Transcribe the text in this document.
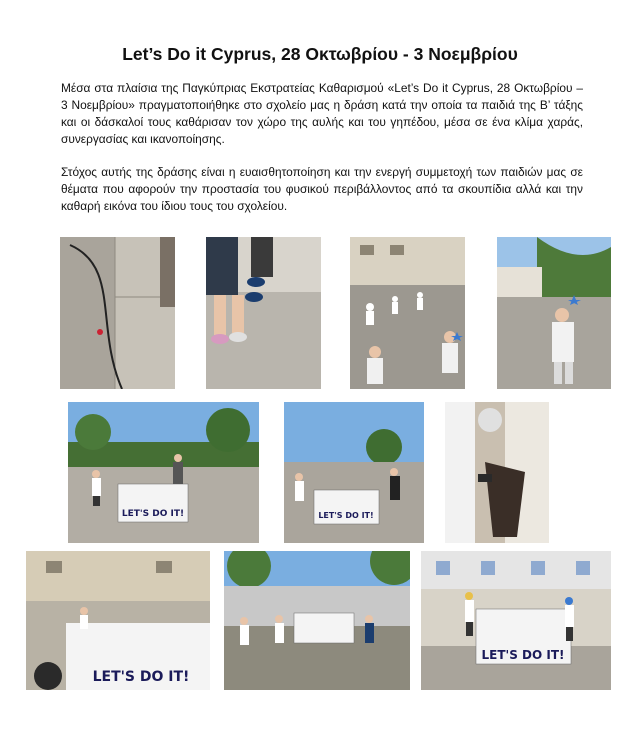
Let’s Do it Cyprus, 28 Οκτωβρίου - 3 Νοεμβρίου

Μέσα στα πλαίσια της Παγκύπριας Εκστρατείας Καθαρισμού «Let’s Do it Cyprus, 28 Οκτωβρίου – 3 Νοεμβρίου» πραγματοποιήθηκε στο σχολείο μας η δράση κατά την οποία τα παιδιά της Β’ τάξης και οι δάσκαλοί τους καθάρισαν τον χώρο της αυλής και του γηπέδου, μέσα σε ένα κλίμα χαράς, συνεργασίας και ικανοποίησης.

Στόχος αυτής της δράσης είναι η ευαισθητοποίηση και την ενεργή συμμετοχή των παιδιών μας σε θέματα που αφορούν την προστασία του φυσικού περιβάλλοντος από τα σκουπίδια αλλά και την καθαρή εικόνα του ίδιου τους του σχολείου.

LET'S DO IT!	LET'S DO IT!
LET'S DO IT!
LET'S DO IT!
